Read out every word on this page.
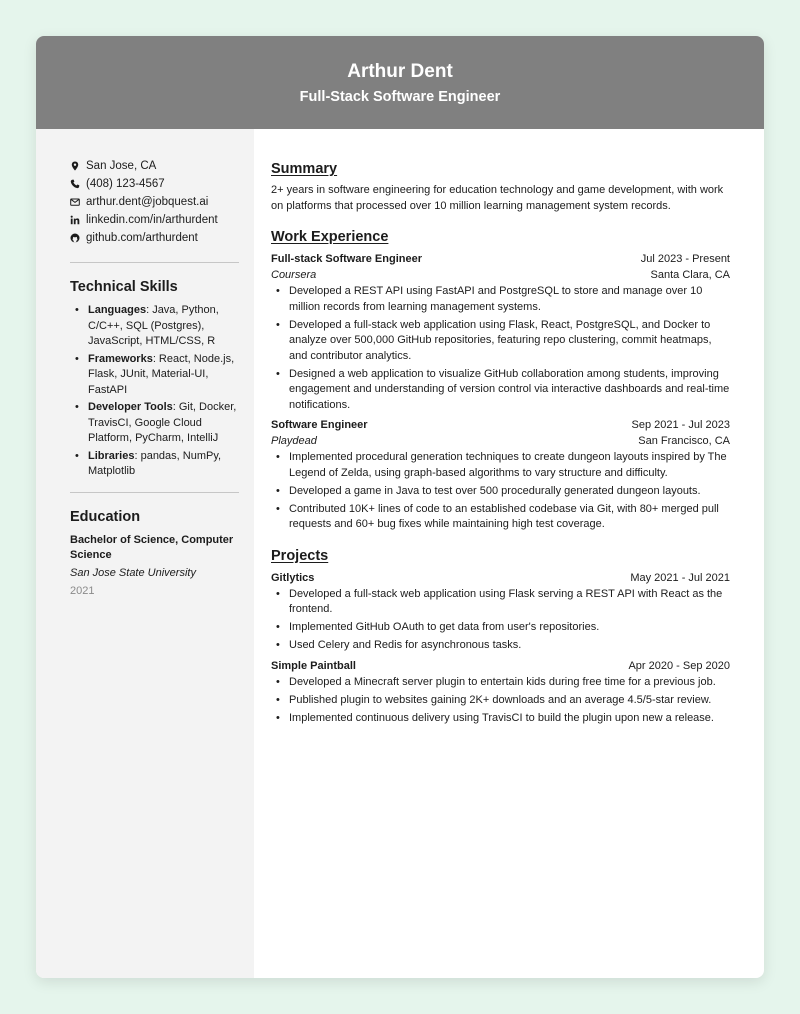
Arthur Dent
Full-Stack Software Engineer
San Jose, CA
(408) 123-4567
arthur.dent@jobquest.ai
linkedin.com/in/arthurdent
github.com/arthurdent
Technical Skills
• Languages: Java, Python, C/C++, SQL (Postgres), JavaScript, HTML/CSS, R
• Frameworks: React, Node.js, Flask, JUnit, Material-UI, FastAPI
• Developer Tools: Git, Docker, TravisCI, Google Cloud Platform, PyCharm, IntelliJ
• Libraries: pandas, NumPy, Matplotlib
Education
Bachelor of Science, Computer Science
San Jose State University
2021
Summary

2+ years in software engineering for education technology and game development, with work on platforms that processed over 10 million learning management system records.

Work Experience
Full-stack Software Engineer	Jul 2023 - Present
Coursera	Santa Clara, CA
• Developed a REST API using FastAPI and PostgreSQL to store and manage over 10 million records from learning management systems.
• Developed a full-stack web application using Flask, React, PostgreSQL, and Docker to analyze over 500,000 GitHub repositories, featuring repo clustering, commit heatmaps, and contributor analytics.
• Designed a web application to visualize GitHub collaboration among students, improving engagement and understanding of version control via interactive dashboards and real-time notifications.
Software Engineer	Sep 2021 - Jul 2023
Playdead	San Francisco, CA
• Implemented procedural generation techniques to create dungeon layouts inspired by The Legend of Zelda, using graph-based algorithms to vary structure and difficulty.
• Developed a game in Java to test over 500 procedurally generated dungeon layouts.
• Contributed 10K+ lines of code to an established codebase via Git, with 80+ merged pull requests and 60+ bug fixes while maintaining high test coverage.
Projects
Gitlytics	May 2021 - Jul 2021
• Developed a full-stack web application using Flask serving a REST API with React as the frontend.
• Implemented GitHub OAuth to get data from user's repositories.
• Used Celery and Redis for asynchronous tasks.
Simple Paintball	Apr 2020 - Sep 2020
• Developed a Minecraft server plugin to entertain kids during free time for a previous job.
• Published plugin to websites gaining 2K+ downloads and an average 4.5/5-star review.
• Implemented continuous delivery using TravisCI to build the plugin upon new a release.
